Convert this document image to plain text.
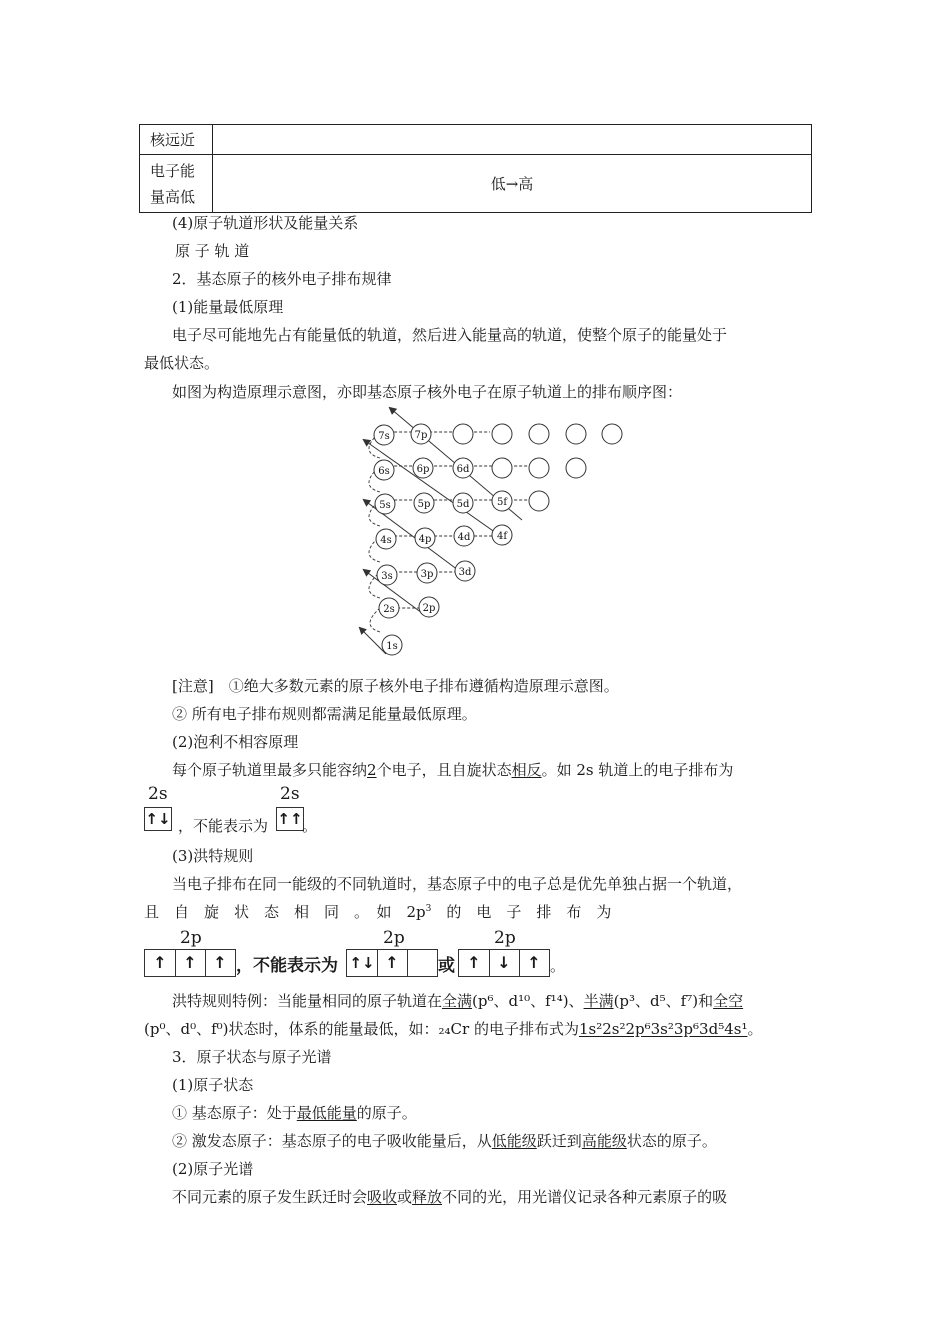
核远近	
电子能
量高低	低→高
(4)原子轨道形状及能量关系
原 子 轨 道
2．基态原子的核外电子排布规律
(1)能量最低原理
电子尽可能地先占有能量低的轨道，然后进入能量高的轨道，使整个原子的能量处于
最低状态。
如图为构造原理示意图，亦即基态原子核外电子在原子轨道上的排布顺序图：
7s 7p
6s	6p	6d
5s	5p	5d	5f
4s	4p	4d	4f
3s	3p	3d
2s	2p
1s
[注意]　①绝大多数元素的原子核外电子排布遵循构造原理示意图。
② 所有电子排布规则都需满足能量最低原理。
(2)泡利不相容原理
每个原子轨道里最多只能容纳2个电子，且自旋状态相反。如 2s 轨道上的电子排布为
2s
↑↓ ，不能表示为
2s
↑↑ 。
(3)洪特规则
当电子排布在同一能级的不同轨道时，基态原子中的电子总是优先单独占据一个轨道，
且　自　旋　状　态　相　同　。　如　$2p^3$　的　电　子　排　布　为
2p
↑	↑	↑ ，不能表示为
2p
↑↓ ↑	或
2p
↑	↓	↑ 。
洪特规则特例：当能量相同的原子轨道在全满(p⁶、d¹⁰、f¹⁴)、半满(p³、d⁵、f⁷)和全空
(p⁰、d⁰、f⁰)状态时，体系的能量最低，如：₂₄Cr 的电子排布式为1s²2s²2p⁶3s²3p⁶3d⁵4s¹。
3．原子状态与原子光谱
(1)原子状态
① 基态原子：处于最低能量的原子。
② 激发态原子：基态原子的电子吸收能量后，从低能级跃迁到高能级状态的原子。
(2)原子光谱
不同元素的原子发生跃迁时会吸收或释放不同的光，用光谱仪记录各种元素原子的吸
